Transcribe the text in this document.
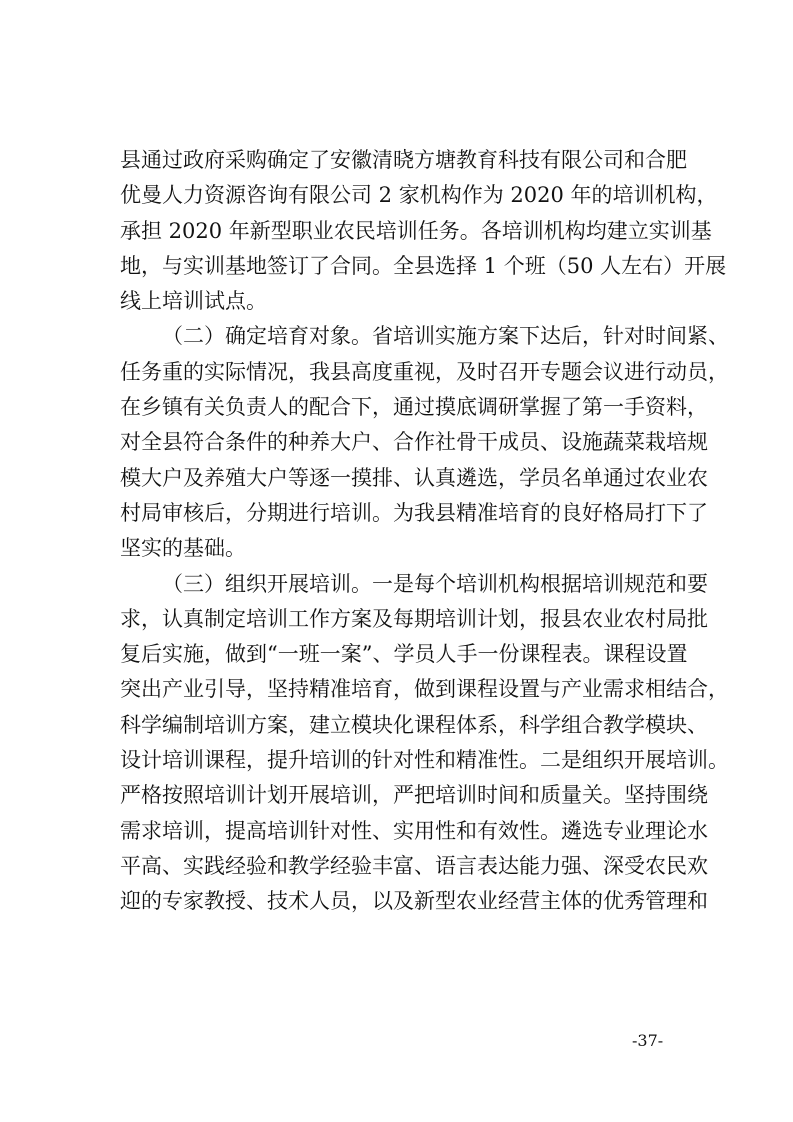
县通过政府采购确定了安徽清晓方塘教育科技有限公司和合肥
优曼人力资源咨询有限公司 2 家机构作为 2020 年的培训机构，
承担 2020 年新型职业农民培训任务。各培训机构均建立实训基
地，与实训基地签订了合同。全县选择 1 个班（50 人左右）开展
线上培训试点。
（二）确定培育对象。省培训实施方案下达后，针对时间紧、
任务重的实际情况，我县高度重视，及时召开专题会议进行动员，
在乡镇有关负责人的配合下，通过摸底调研掌握了第一手资料，
对全县符合条件的种养大户、合作社骨干成员、设施蔬菜栽培规
模大户及养殖大户等逐一摸排、认真遴选，学员名单通过农业农
村局审核后，分期进行培训。为我县精准培育的良好格局打下了
坚实的基础。
（三）组织开展培训。一是每个培训机构根据培训规范和要
求，认真制定培训工作方案及每期培训计划，报县农业农村局批
复后实施，做到“一班一案”、学员人手一份课程表。课程设置
突出产业引导，坚持精准培育，做到课程设置与产业需求相结合，
科学编制培训方案，建立模块化课程体系，科学组合教学模块、
设计培训课程，提升培训的针对性和精准性。二是组织开展培训。
严格按照培训计划开展培训，严把培训时间和质量关。坚持围绕
需求培训，提高培训针对性、实用性和有效性。遴选专业理论水
平高、实践经验和教学经验丰富、语言表达能力强、深受农民欢
迎的专家教授、技术人员，以及新型农业经营主体的优秀管理和
-37-
